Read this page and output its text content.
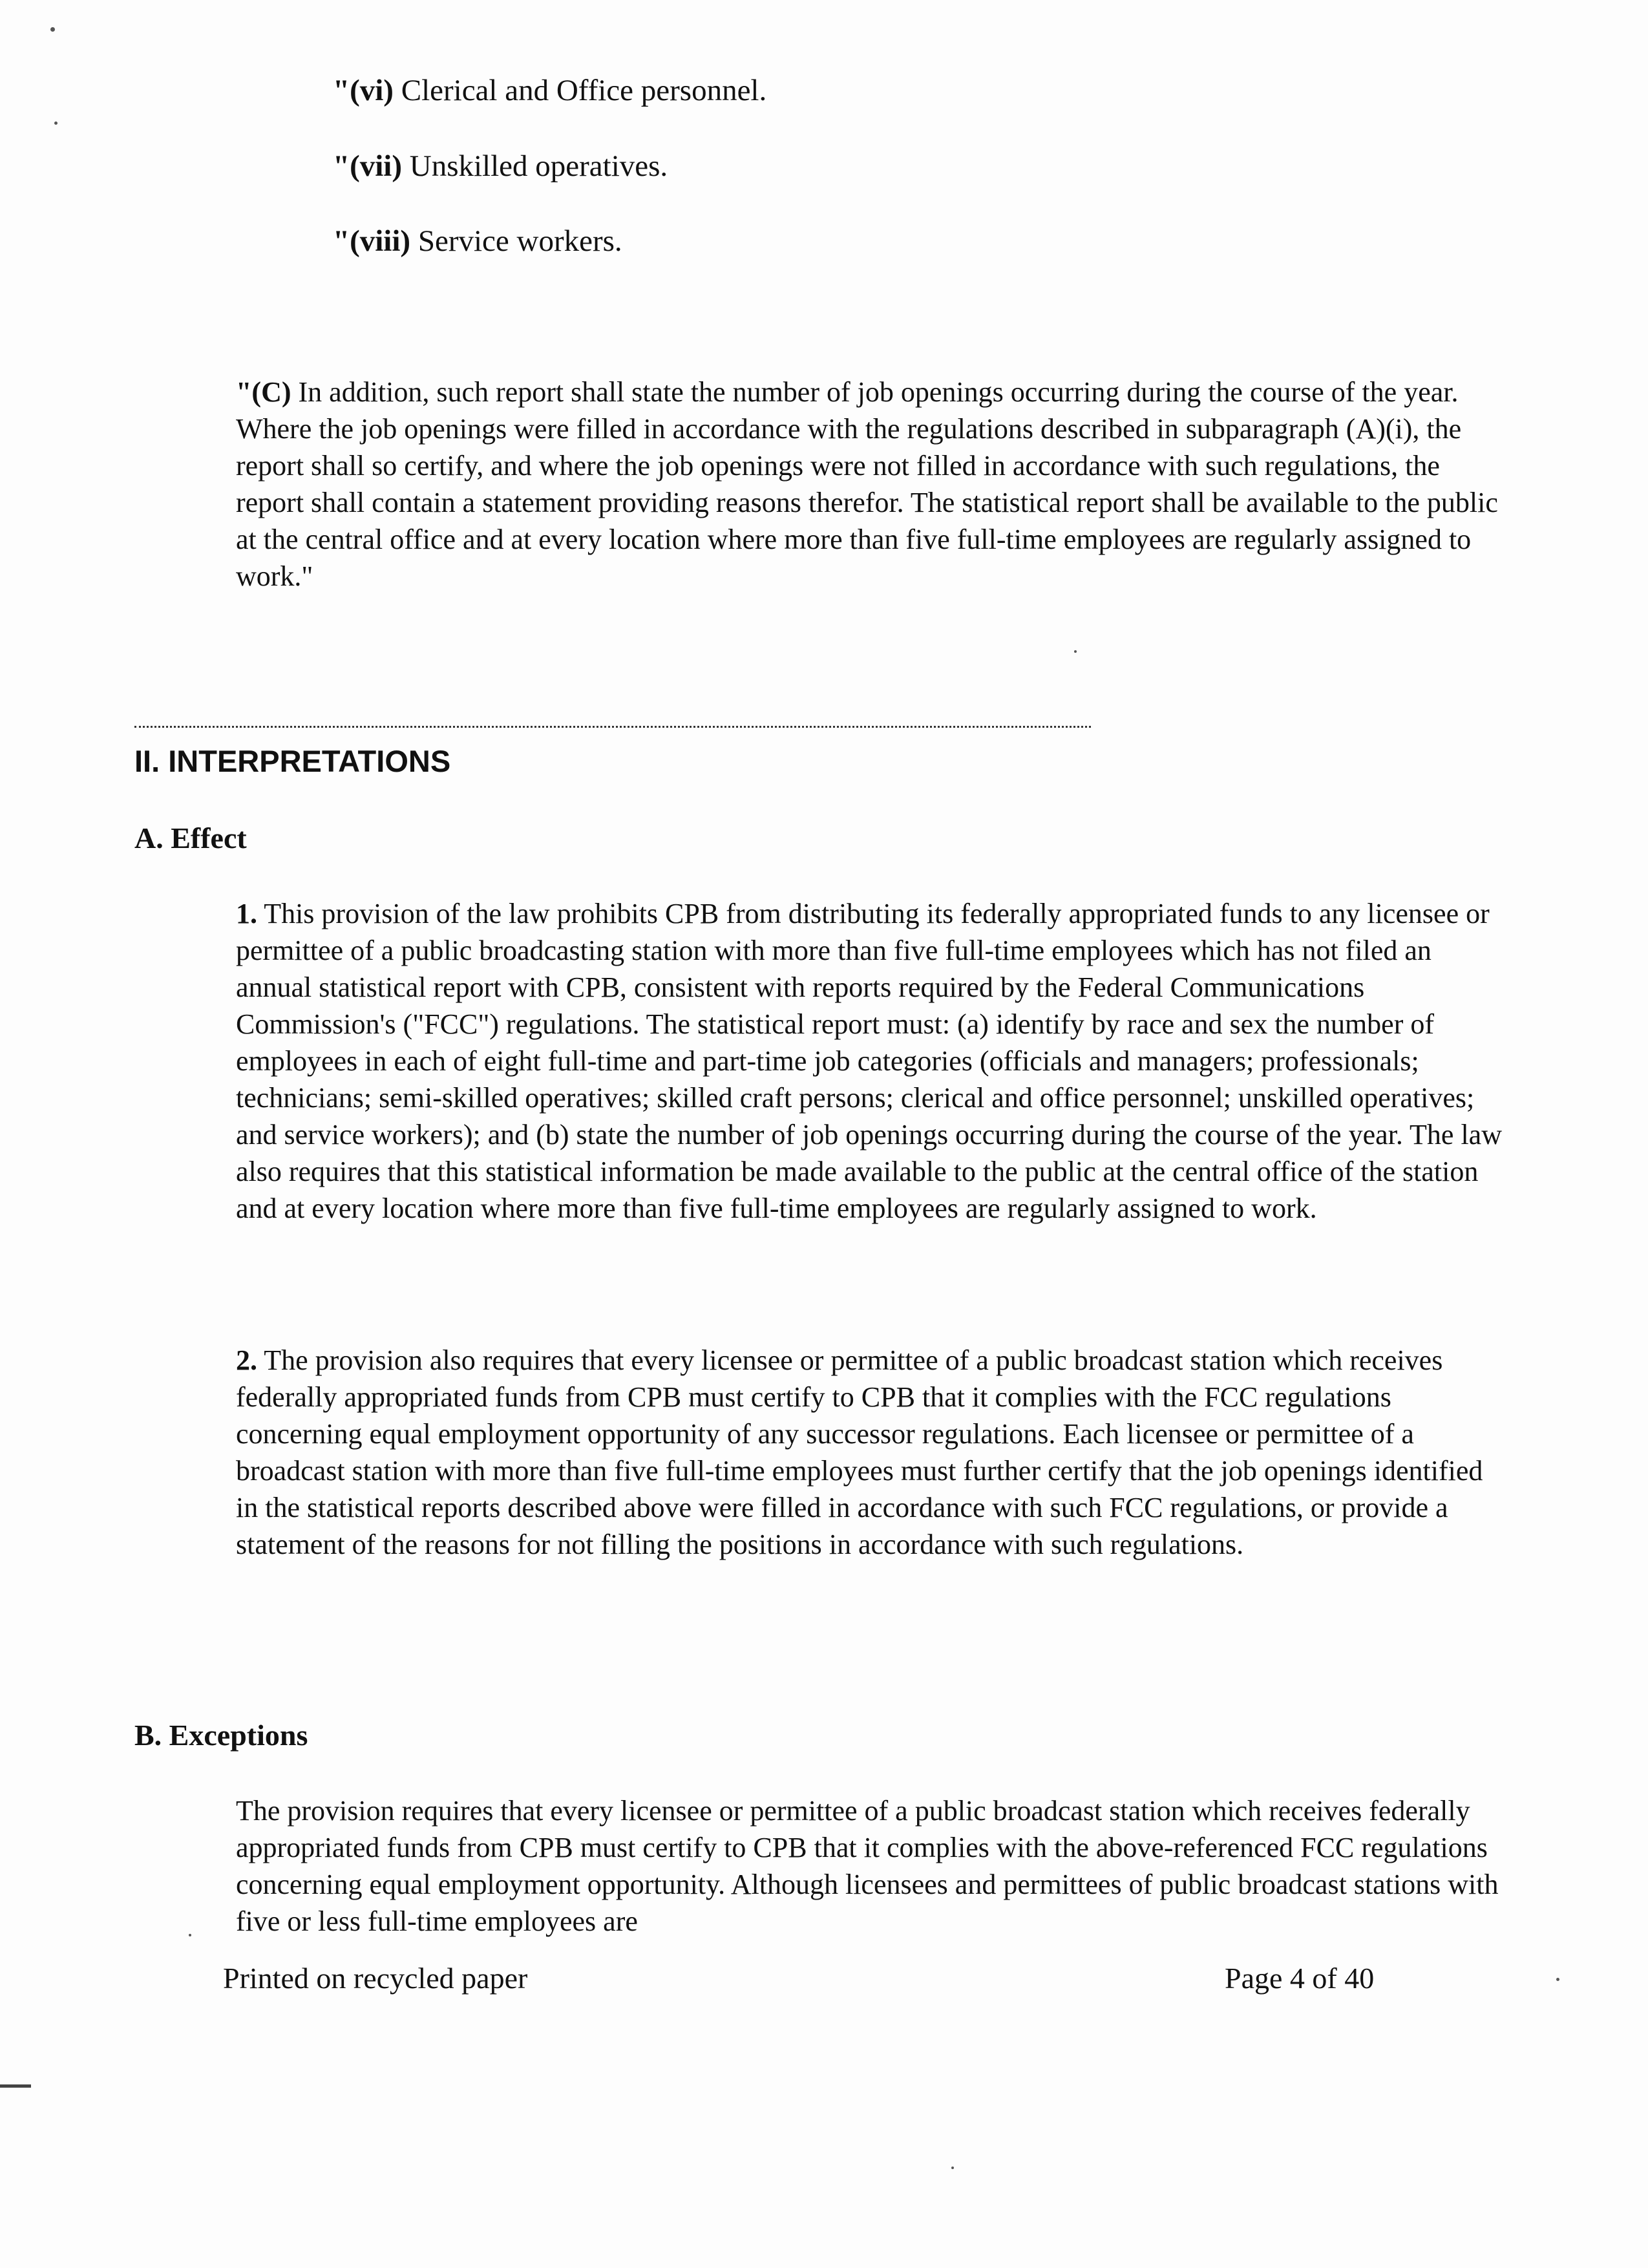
"(vi) Clerical and Office personnel.
"(vii) Unskilled operatives.
"(viii) Service workers.

"(C) In addition, such report shall state the number of job openings occurring during the course of the year. Where the job openings were filled in accordance with the regulations described in subparagraph (A)(i), the report shall so certify, and where the job openings were not filled in accordance with such regulations, the report shall contain a statement providing reasons therefor. The statistical report shall be available to the public at the central office and at every location where more than five full-time employees are regularly assigned to work."

II. INTERPRETATIONS
A. Effect

1. This provision of the law prohibits CPB from distributing its federally appropriated funds to any licensee or permittee of a public broadcasting station with more than five full-time employees which has not filed an annual statistical report with CPB, consistent with reports required by the Federal Communications Commission's ("FCC") regulations. The statistical report must: (a) identify by race and sex the number of employees in each of eight full-time and part-time job categories (officials and managers; professionals; technicians; semi-skilled operatives; skilled craft persons; clerical and office personnel; unskilled operatives; and service workers); and (b) state the number of job openings occurring during the course of the year. The law also requires that this statistical information be made available to the public at the central office of the station and at every location where more than five full-time employees are regularly assigned to work.

2. The provision also requires that every licensee or permittee of a public broadcast station which receives federally appropriated funds from CPB must certify to CPB that it complies with the FCC regulations concerning equal employment opportunity of any successor regulations. Each licensee or permittee of a broadcast station with more than five full-time employees must further certify that the job openings identified in the statistical reports described above were filled in accordance with such FCC regulations, or provide a statement of the reasons for not filling the positions in accordance with such regulations.

B. Exceptions

The provision requires that every licensee or permittee of a public broadcast station which receives federally appropriated funds from CPB must certify to CPB that it complies with the above-referenced FCC regulations concerning equal employment opportunity. Although licensees and permittees of public broadcast stations with five or less full-time employees are

Printed on recycled paper	Page 4 of 40
